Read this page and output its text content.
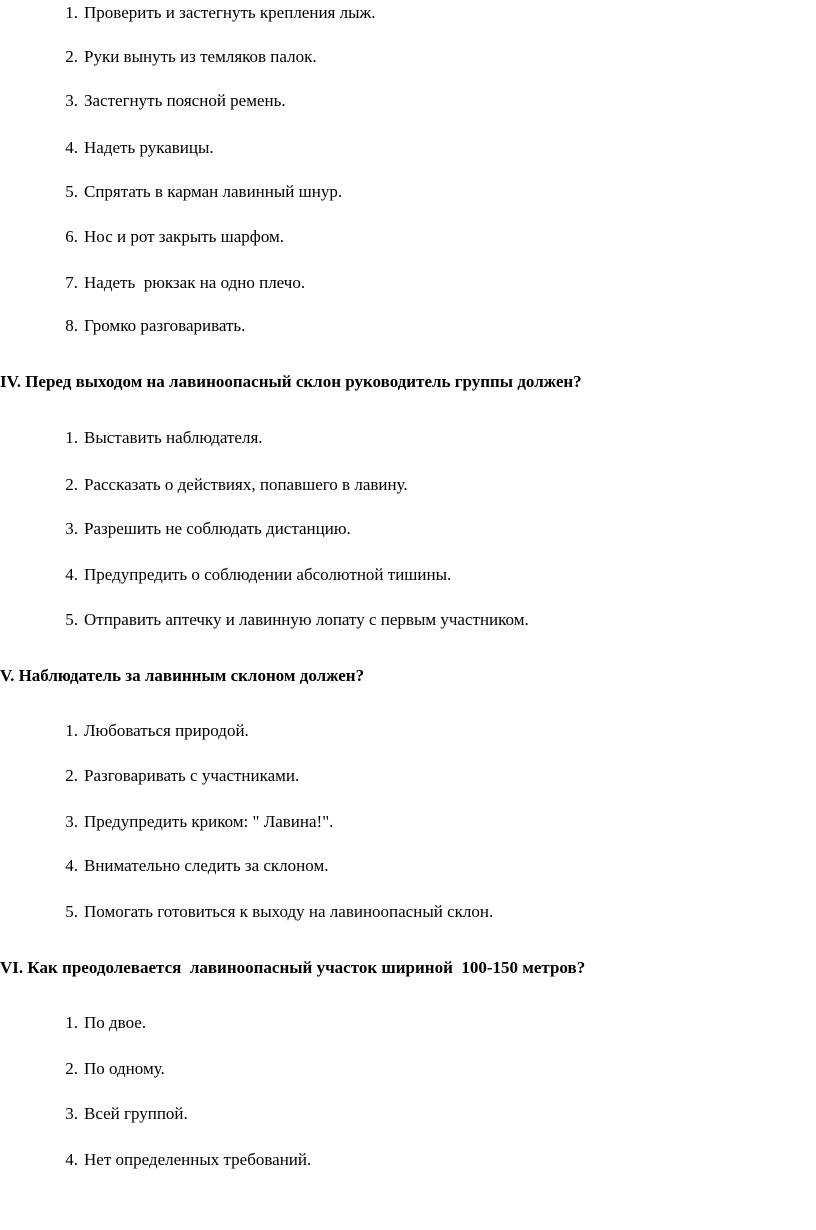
1.

Проверить и застегнуть крепления лыж.

2.

Руки вынуть из темляков палок.

3.

Застегнуть поясной ремень.

4.

Надеть рукавицы.

5.

Спрятать в карман лавинный шнур.

6.

Нос и рот закрыть шарфом.

7.

Надеть  рюкзак на одно плечо.

8.

Громко разговаривать.

IV. Перед выходом на лавиноопасный склон руководитель группы должен?

1.

Выставить наблюдателя.

2.

Рассказать о действиях, попавшего в лавину.

3.

Разрешить не соблюдать дистанцию.

4.

Предупредить о соблюдении абсолютной тишины.

5.

Отправить аптечку и лавинную лопату с первым участником.

V. Наблюдатель за лавинным склоном должен?

1.

Любоваться природой.

2.

Разговаривать с участниками.

3.

Предупредить криком: " Лавина!".

4.

Внимательно следить за склоном.

5.

Помогать готовиться к выходу на лавиноопасный склон.

VI. Как преодолевается  лавиноопасный участок шириной  100-150 метров?

1.

По двое.

2.

По одному.

3.

Всей группой.

4.

Нет определенных требований.
